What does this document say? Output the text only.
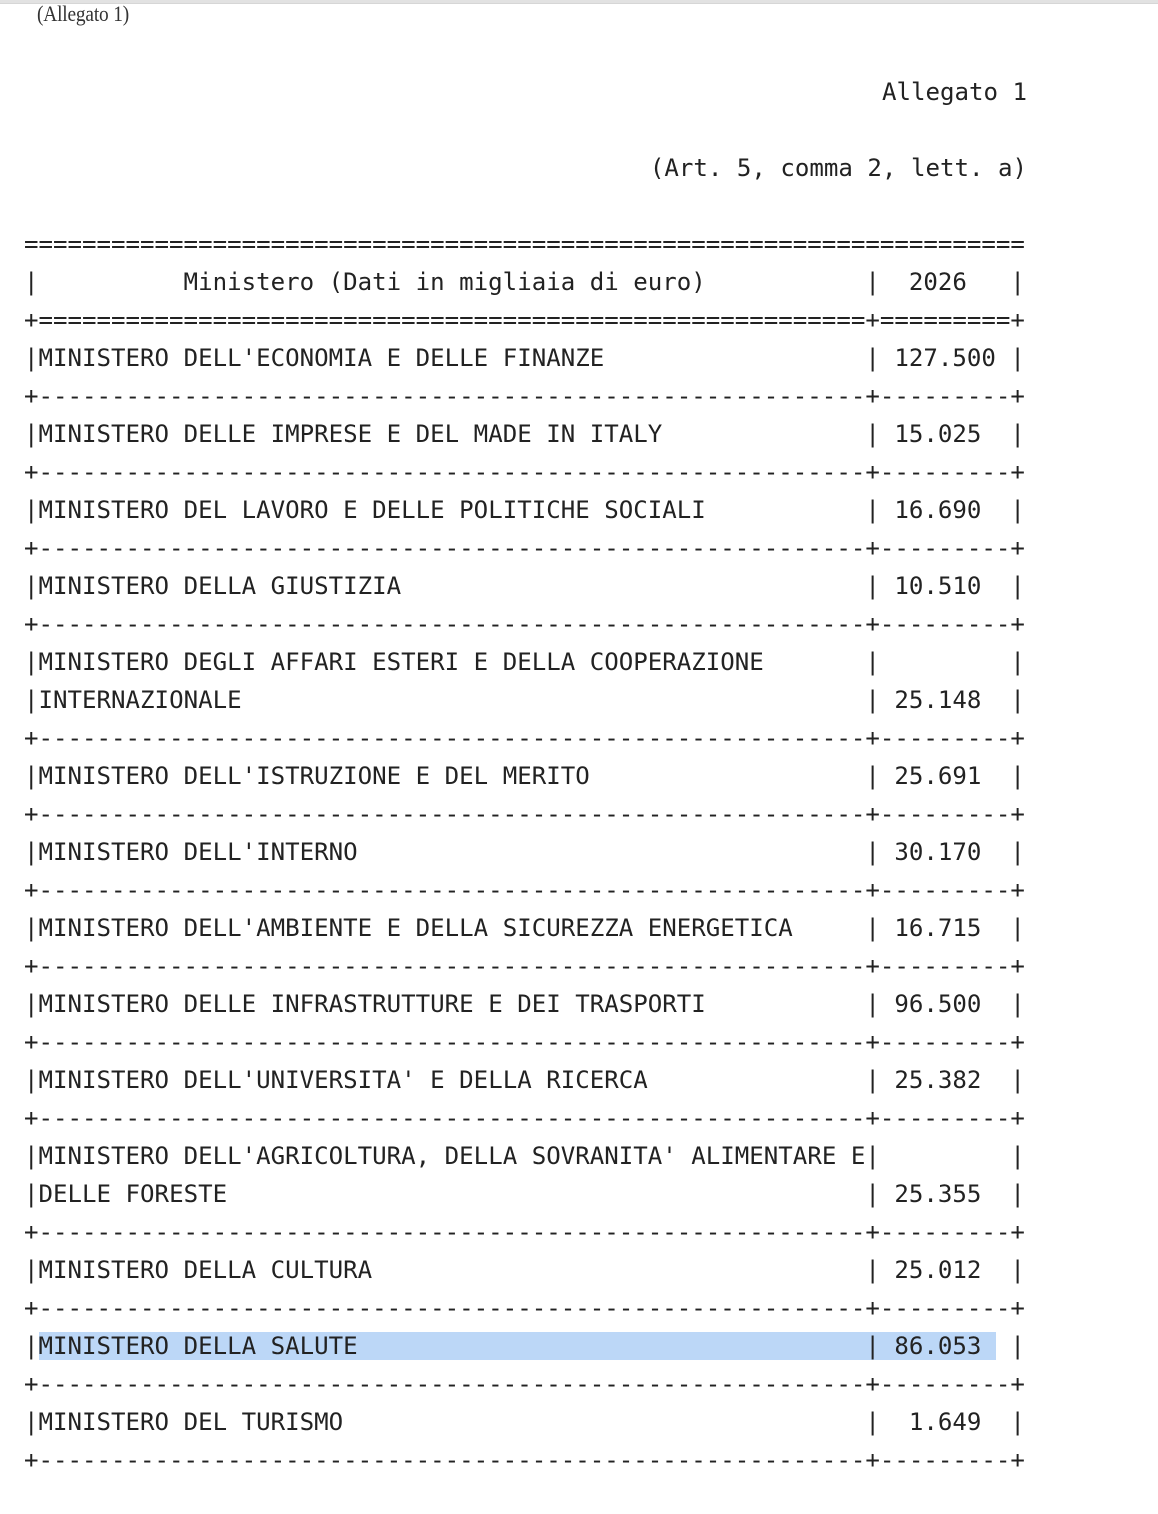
(Allegato 1)
Allegato 1

(Art. 5, comma 2, lett. a)

=====================================================================
|          Ministero (Dati in migliaia di euro)           |  2026   |
+=========================================================+=========+
|MINISTERO DELL'ECONOMIA E DELLE FINANZE                  | 127.500 |
+---------------------------------------------------------+---------+
|MINISTERO DELLE IMPRESE E DEL MADE IN ITALY              | 15.025  |
+---------------------------------------------------------+---------+
|MINISTERO DEL LAVORO E DELLE POLITICHE SOCIALI           | 16.690  |
+---------------------------------------------------------+---------+
|MINISTERO DELLA GIUSTIZIA                                | 10.510  |
+---------------------------------------------------------+---------+
|MINISTERO DEGLI AFFARI ESTERI E DELLA COOPERAZIONE       |         |
|INTERNAZIONALE                                           | 25.148  |
+---------------------------------------------------------+---------+
|MINISTERO DELL'ISTRUZIONE E DEL MERITO                   | 25.691  |
+---------------------------------------------------------+---------+
|MINISTERO DELL'INTERNO                                   | 30.170  |
+---------------------------------------------------------+---------+
|MINISTERO DELL'AMBIENTE E DELLA SICUREZZA ENERGETICA     | 16.715  |
+---------------------------------------------------------+---------+
|MINISTERO DELLE INFRASTRUTTURE E DEI TRASPORTI           | 96.500  |
+---------------------------------------------------------+---------+
|MINISTERO DELL'UNIVERSITA' E DELLA RICERCA               | 25.382  |
+---------------------------------------------------------+---------+
|MINISTERO DELL'AGRICOLTURA, DELLA SOVRANITA' ALIMENTARE E|         |
|DELLE FORESTE                                            | 25.355  |
+---------------------------------------------------------+---------+
|MINISTERO DELLA CULTURA                                  | 25.012  |
+---------------------------------------------------------+---------+
|MINISTERO DELLA SALUTE                                   | 86.053  |
+---------------------------------------------------------+---------+
|MINISTERO DEL TURISMO                                    |  1.649  |
+---------------------------------------------------------+---------+
